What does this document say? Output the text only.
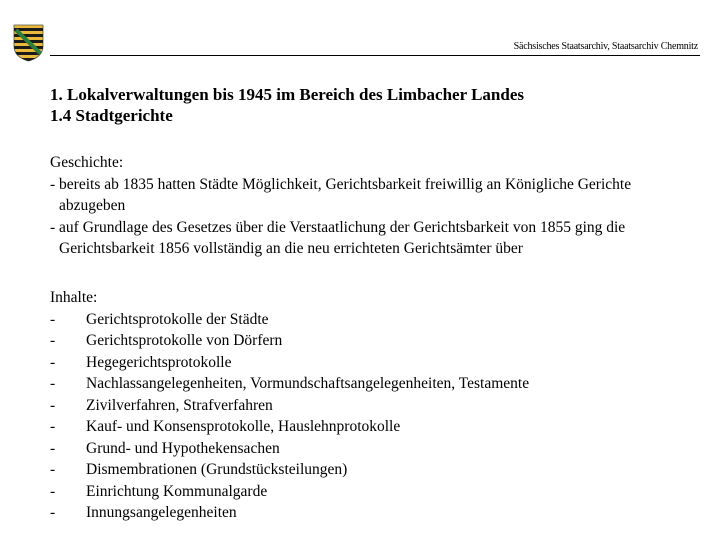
Sächsisches Staatsarchiv, Staatsarchiv Chemnitz
1. Lokalverwaltungen bis 1945 im Bereich des Limbacher Landes
1.4 Stadtgerichte
Geschichte:
- bereits ab 1835 hatten Städte Möglichkeit, Gerichtsbarkeit freiwillig an Königliche Gerichte abzugeben
- auf Grundlage des Gesetzes über die Verstaatlichung der Gerichtsbarkeit von 1855 ging die Gerichtsbarkeit 1856 vollständig an die neu errichteten Gerichtsämter über
Inhalte:
-	Gerichtsprotokolle der Städte
-	Gerichtsprotokolle von Dörfern
-	Hegegerichtsprotokolle
-	Nachlassangelegenheiten, Vormundschaftsangelegenheiten, Testamente
-	Zivilverfahren, Strafverfahren
-	Kauf- und Konsensprotokolle, Hauslehnprotokolle
-	Grund- und Hypothekensachen
-	Dismembrationen (Grundstücksteilungen)
-	Einrichtung Kommunalgarde
-	Innungsangelegenheiten
